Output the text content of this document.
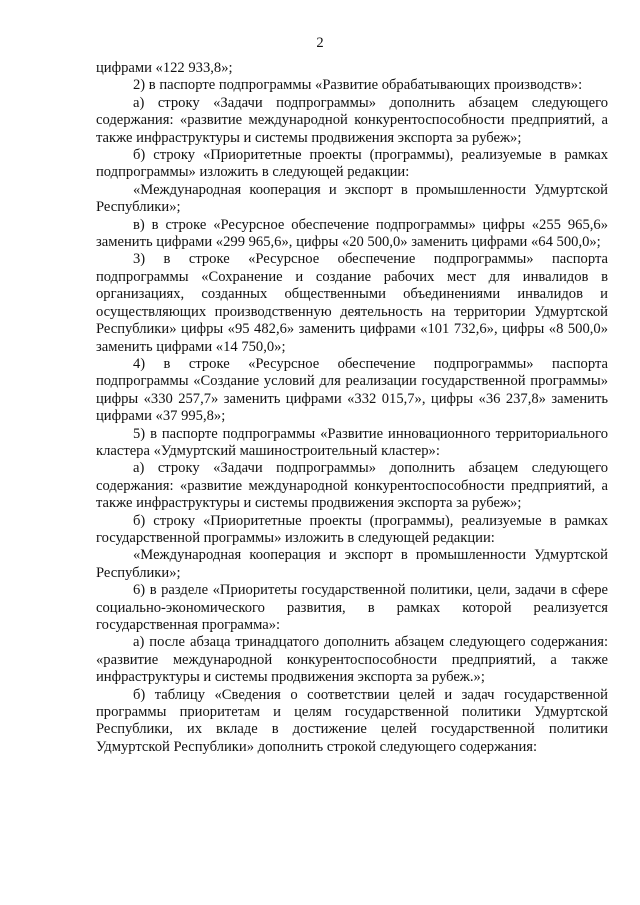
2

цифрами «122 933,8»;

2) в паспорте подпрограммы «Развитие обрабатывающих производств»:

а) строку «Задачи подпрограммы» дополнить абзацем следующего содержания: «развитие международной конкурентоспособности предприятий, а также инфраструктуры и системы продвижения экспорта за рубеж»;

б) строку «Приоритетные проекты (программы), реализуемые в рамках подпрограммы» изложить в следующей редакции:

«Международная кооперация и экспорт в промышленности Удмуртской Республики»;

в) в строке «Ресурсное обеспечение подпрограммы» цифры «255 965,6» заменить цифрами «299 965,6», цифры «20 500,0» заменить цифрами «64 500,0»;

3) в строке «Ресурсное обеспечение подпрограммы» паспорта подпрограммы «Сохранение и создание рабочих мест для инвалидов в организациях, созданных общественными объединениями инвалидов и осуществляющих производственную деятельность на территории Удмуртской Республики» цифры «95 482,6» заменить цифрами «101 732,6», цифры «8 500,0» заменить цифрами «14 750,0»;

4) в строке «Ресурсное обеспечение подпрограммы» паспорта подпрограммы «Создание условий для реализации государственной программы» цифры «330 257,7» заменить цифрами «332 015,7», цифры «36 237,8» заменить цифрами «37 995,8»;

5) в паспорте подпрограммы «Развитие инновационного территориального кластера «Удмуртский машиностроительный кластер»:

а) строку «Задачи подпрограммы» дополнить абзацем следующего содержания: «развитие международной конкурентоспособности предприятий, а также инфраструктуры и системы продвижения экспорта за рубеж»;

б) строку «Приоритетные проекты (программы), реализуемые в рамках государственной программы» изложить в следующей редакции:

«Международная кооперация и экспорт в промышленности Удмуртской Республики»;

6) в разделе «Приоритеты государственной политики, цели, задачи в сфере социально-экономического развития, в рамках которой реализуется государственная программа»:

а) после абзаца тринадцатого дополнить абзацем следующего содержания: «развитие международной конкурентоспособности предприятий, а также инфраструктуры и системы продвижения экспорта за рубеж.»;

б) таблицу «Сведения о соответствии целей и задач государственной программы приоритетам и целям государственной политики Удмуртской Республики, их вкладе в достижение целей государственной политики Удмуртской Республики» дополнить строкой следующего содержания:
